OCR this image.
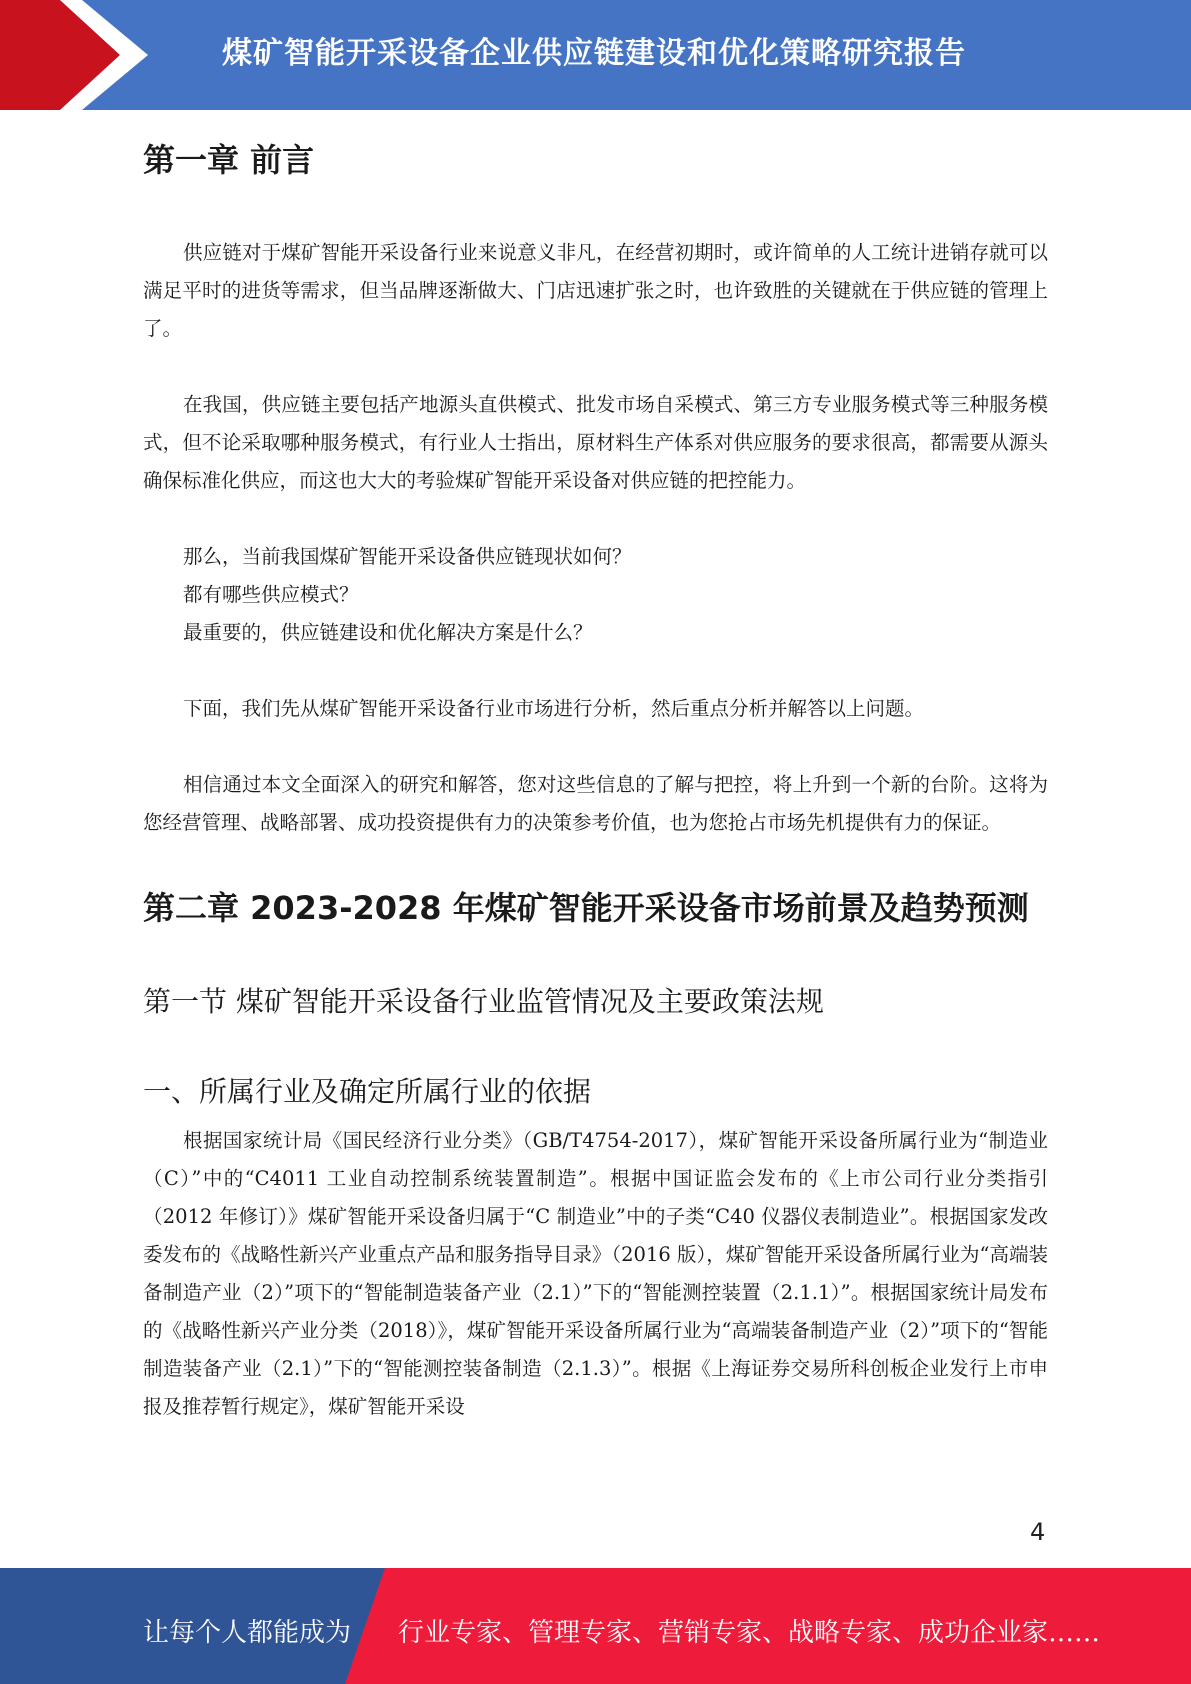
煤矿智能开采设备企业供应链建设和优化策略研究报告
第一章 前言

供应链对于煤矿智能开采设备行业来说意义非凡，在经营初期时，或许简单的人工统计进销存就可以满足平时的进货等需求，但当品牌逐渐做大、门店迅速扩张之时，也许致胜的关键就在于供应链的管理上了。

在我国，供应链主要包括产地源头直供模式、批发市场自采模式、第三方专业服务模式等三种服务模式，但不论采取哪种服务模式，有行业人士指出，原材料生产体系对供应服务的要求很高，都需要从源头确保标准化供应，而这也大大的考验煤矿智能开采设备对供应链的把控能力。

那么，当前我国煤矿智能开采设备供应链现状如何？

都有哪些供应模式？

最重要的，供应链建设和优化解决方案是什么？

下面，我们先从煤矿智能开采设备行业市场进行分析，然后重点分析并解答以上问题。

相信通过本文全面深入的研究和解答，您对这些信息的了解与把控，将上升到一个新的台阶。这将为您经营管理、战略部署、成功投资提供有力的决策参考价值，也为您抢占市场先机提供有力的保证。

第二章 2023-2028 年煤矿智能开采设备市场前景及趋势预测
第一节 煤矿智能开采设备行业监管情况及主要政策法规
一、所属行业及确定所属行业的依据

根据国家统计局《国民经济行业分类》（GB/T4754-2017），煤矿智能开采设备所属行业为“制造业（C）”中的“C4011 工业自动控制系统装置制造”。根据中国证监会发布的《上市公司行业分类指引（2012 年修订）》煤矿智能开采设备归属于“C 制造业”中的子类“C40 仪器仪表制造业”。根据国家发改委发布的《战略性新兴产业重点产品和服务指导目录》（2016 版），煤矿智能开采设备所属行业为“高端装备制造产业（2）”项下的“智能制造装备产业（2.1）”下的“智能测控装置（2.1.1）”。根据国家统计局发布的《战略性新兴产业分类（2018）》，煤矿智能开采设备所属行业为“高端装备制造产业（2）”项下的“智能制造装备产业（2.1）”下的“智能测控装备制造（2.1.3）”。根据《上海证券交易所科创板企业发行上市申报及推荐暂行规定》，煤矿智能开采设

4
让每个人都能成为 行业专家、管理专家、营销专家、战略专家、成功企业家……
